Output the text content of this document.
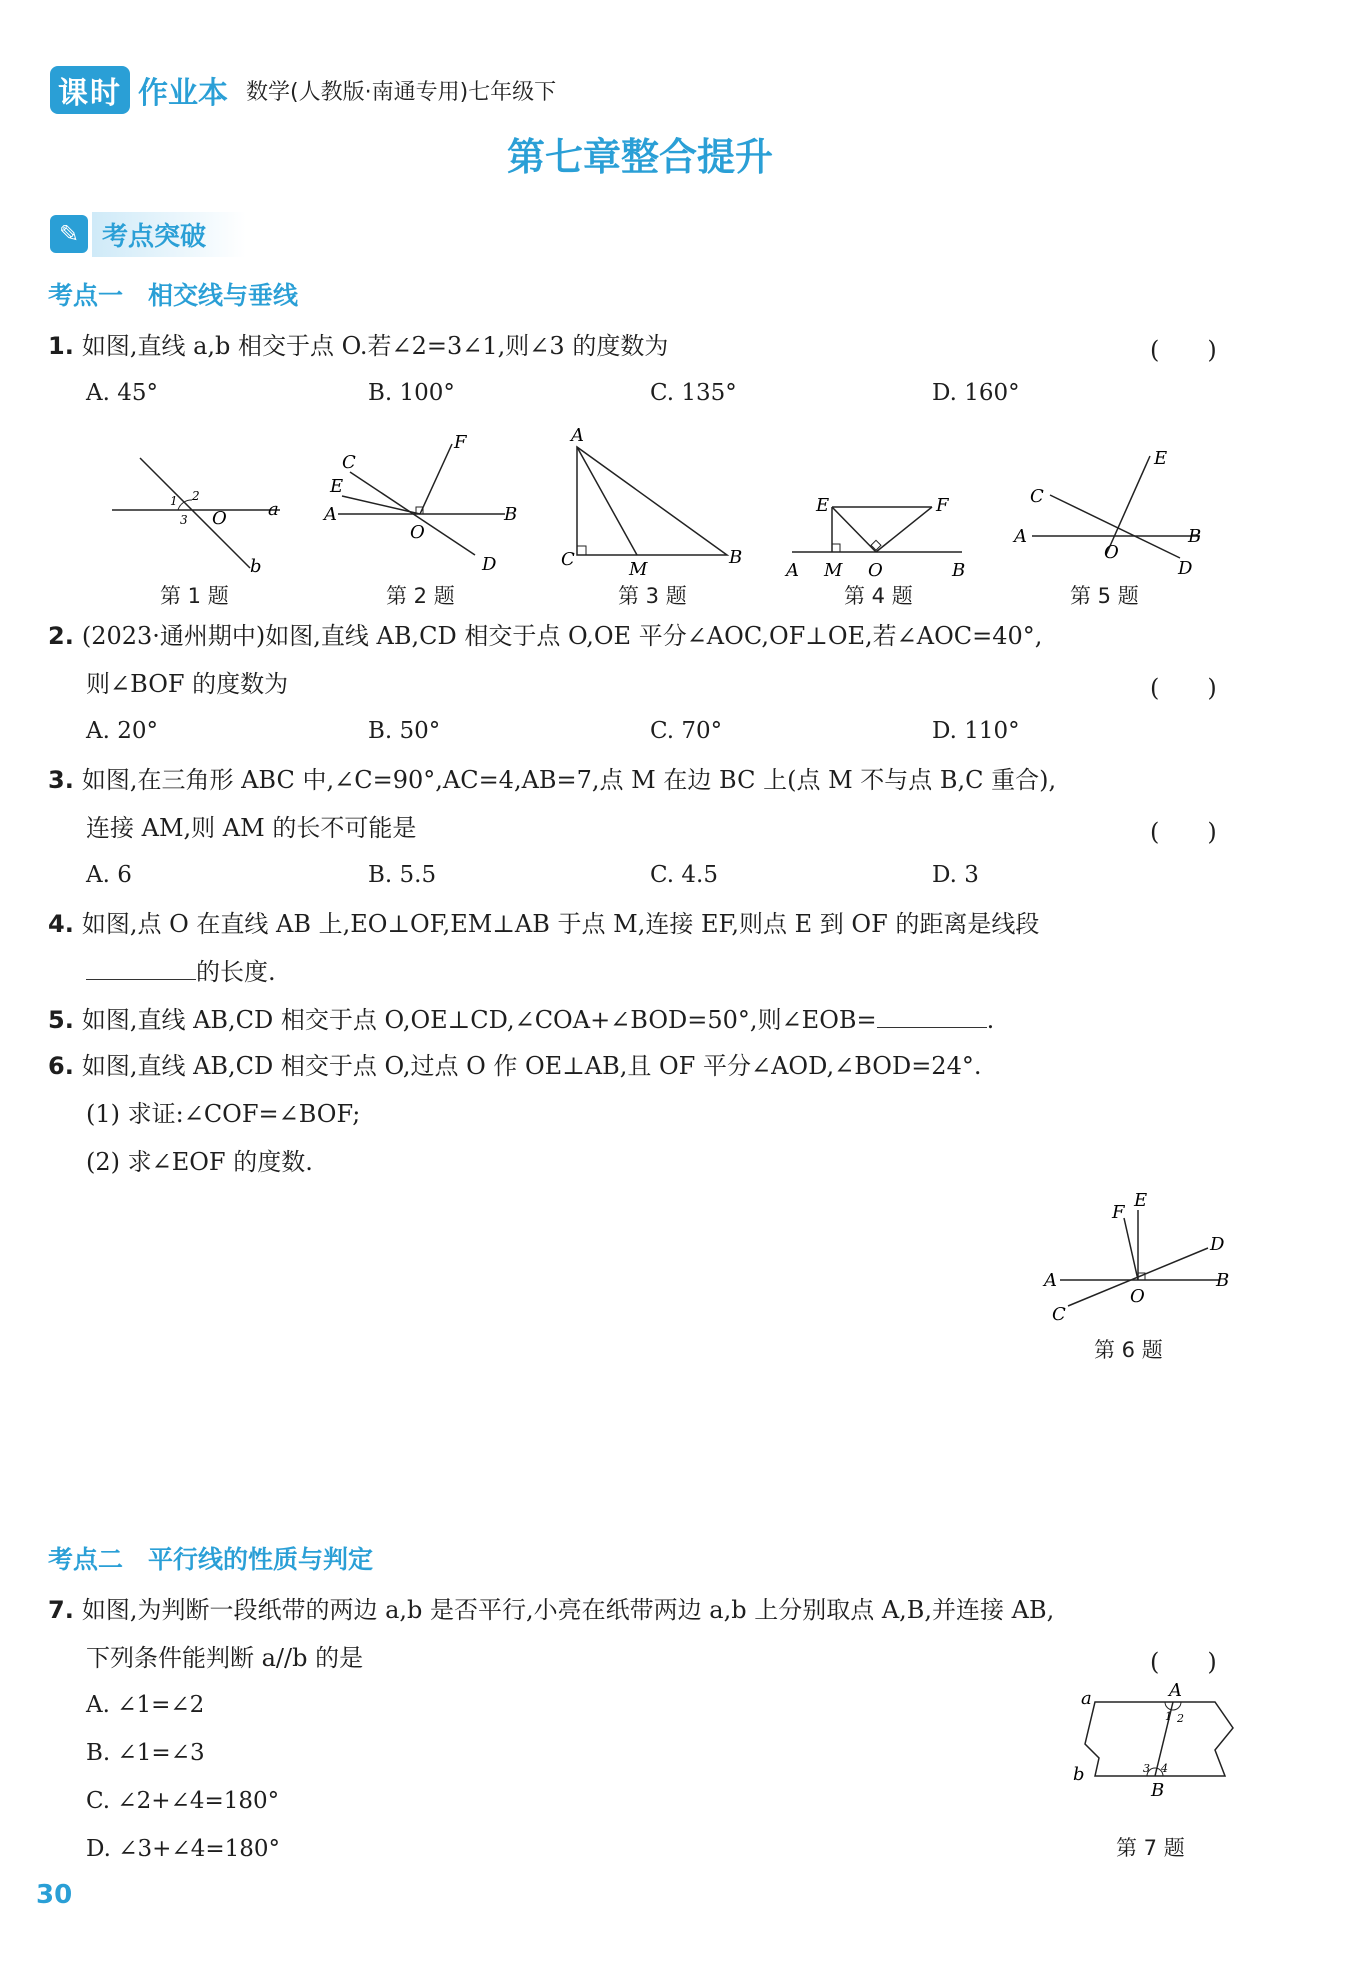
课时 作业本 数学(人教版·南通专用)七年级下
第七章整合提升
✎ 考点突破
考点一　相交线与垂线
1. 如图,直线 a,b 相交于点 O.若∠2=3∠1,则∠3 的度数为	(　　)
A. 45°	B. 100°	C. 135°	D. 160°
1 2
3 O a
b
第 1 题
C
E
A
F
O
B
D
第 2 题
A
C	M
B
第 3 题
E	F
A M O	B
第 4 题
C
E
A
O
B
D
第 5 题
2. (2023·通州期中)如图,直线 AB,CD 相交于点 O,OE 平分∠AOC,OF⊥OE,若∠AOC=40°,
则∠BOF 的度数为	(　　)
A. 20°	B. 50°	C. 70°	D. 110°
3. 如图,在三角形 ABC 中,∠C=90°,AC=4,AB=7,点 M 在边 BC 上(点 M 不与点 B,C 重合),
连接 AM,则 AM 的长不可能是	(　　)
A. 6	B. 5.5	C. 4.5	D. 3
4. 如图,点 O 在直线 AB 上,EO⊥OF,EM⊥AB 于点 M,连接 EF,则点 E 到 OF 的距离是线段
的长度.
5. 如图,直线 AB,CD 相交于点 O,OE⊥CD,∠COA+∠BOD=50°,则∠EOB=	.
6. 如图,直线 AB,CD 相交于点 O,过点 O 作 OE⊥AB,且 OF 平分∠AOD,∠BOD=24°.
(1) 求证:∠COF=∠BOF;
(2) 求∠EOF 的度数.
E
F
D
A	B
O
C
第 6 题
考点二　平行线的性质与判定
7. 如图,为判断一段纸带的两边 a,b 是否平行,小亮在纸带两边 a,b 上分别取点 A,B,并连接 AB,
下列条件能判断 a//b 的是	(　　)
A. ∠1=∠2
B. ∠1=∠3
C. ∠2+∠4=180°
D. ∠3+∠4=180°
a	A
1 2
3 4
b
B
第 7 题
30
